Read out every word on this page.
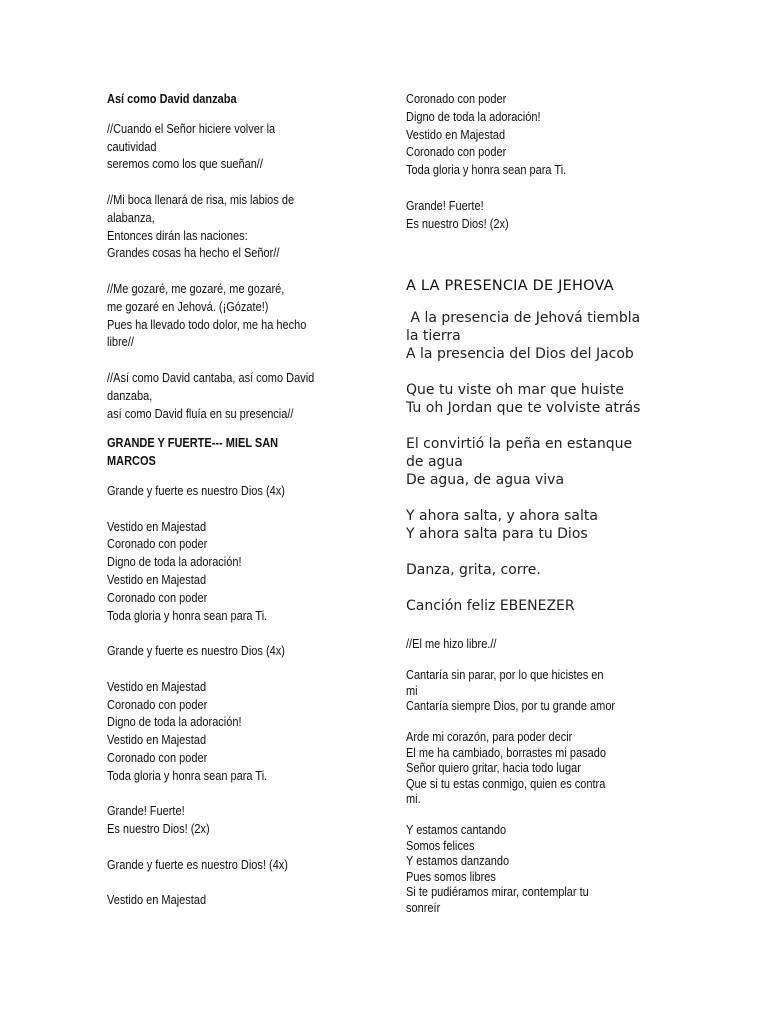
Así como David danzaba
//Cuando el Señor hiciere volver la
cautividad
seremos como los que sueñan//
//Mi boca llenará de risa, mis labios de
alabanza,
Entonces dirán las naciones:
Grandes cosas ha hecho el Señor//
//Me gozaré, me gozaré, me gozaré,
me gozaré en Jehová. (¡Gózate!)
Pues ha llevado todo dolor, me ha hecho
libre//
//Así como David cantaba, así como David
danzaba,
así como David fluía en su presencia//
GRANDE Y FUERTE--- MIEL SAN
MARCOS
Grande y fuerte es nuestro Dios (4x)
Vestido en Majestad
Coronado con poder
Digno de toda la adoración!
Vestido en Majestad
Coronado con poder
Toda gloria y honra sean para Ti.
Grande y fuerte es nuestro Dios (4x)
Vestido en Majestad
Coronado con poder
Digno de toda la adoración!
Vestido en Majestad
Coronado con poder
Toda gloria y honra sean para Ti.
Grande! Fuerte!
Es nuestro Dios! (2x)
Grande y fuerte es nuestro Dios! (4x)
Vestido en Majestad
Coronado con poder
Digno de toda la adoración!
Vestido en Majestad
Coronado con poder
Toda gloria y honra sean para Ti.
Grande! Fuerte!
Es nuestro Dios! (2x)
A LA PRESENCIA DE JEHOVA
A la presencia de Jehová tiembla
la tierra
A la presencia del Dios del Jacob
Que tu viste oh mar que huiste
Tu oh Jordan que te volviste atrás
El convirtió la peña en estanque
de agua
De agua, de agua viva
Y ahora salta, y ahora salta
Y ahora salta para tu Dios
Danza, grita, corre.
Canción feliz EBENEZER
//El me hizo libre.//
Cantaría sin parar, por lo que hicistes en
mi
Cantaría siempre Dios, por tu grande amor
Arde mi corazón, para poder decir
El me ha cambiado, borrastes mi pasado
Señor quiero gritar, hacia todo lugar
Que si tu estas conmigo, quien es contra
mi.
Y estamos cantando
Somos felices
Y estamos danzando
Pues somos libres
Si te pudiéramos mirar, contemplar tu
sonreír
